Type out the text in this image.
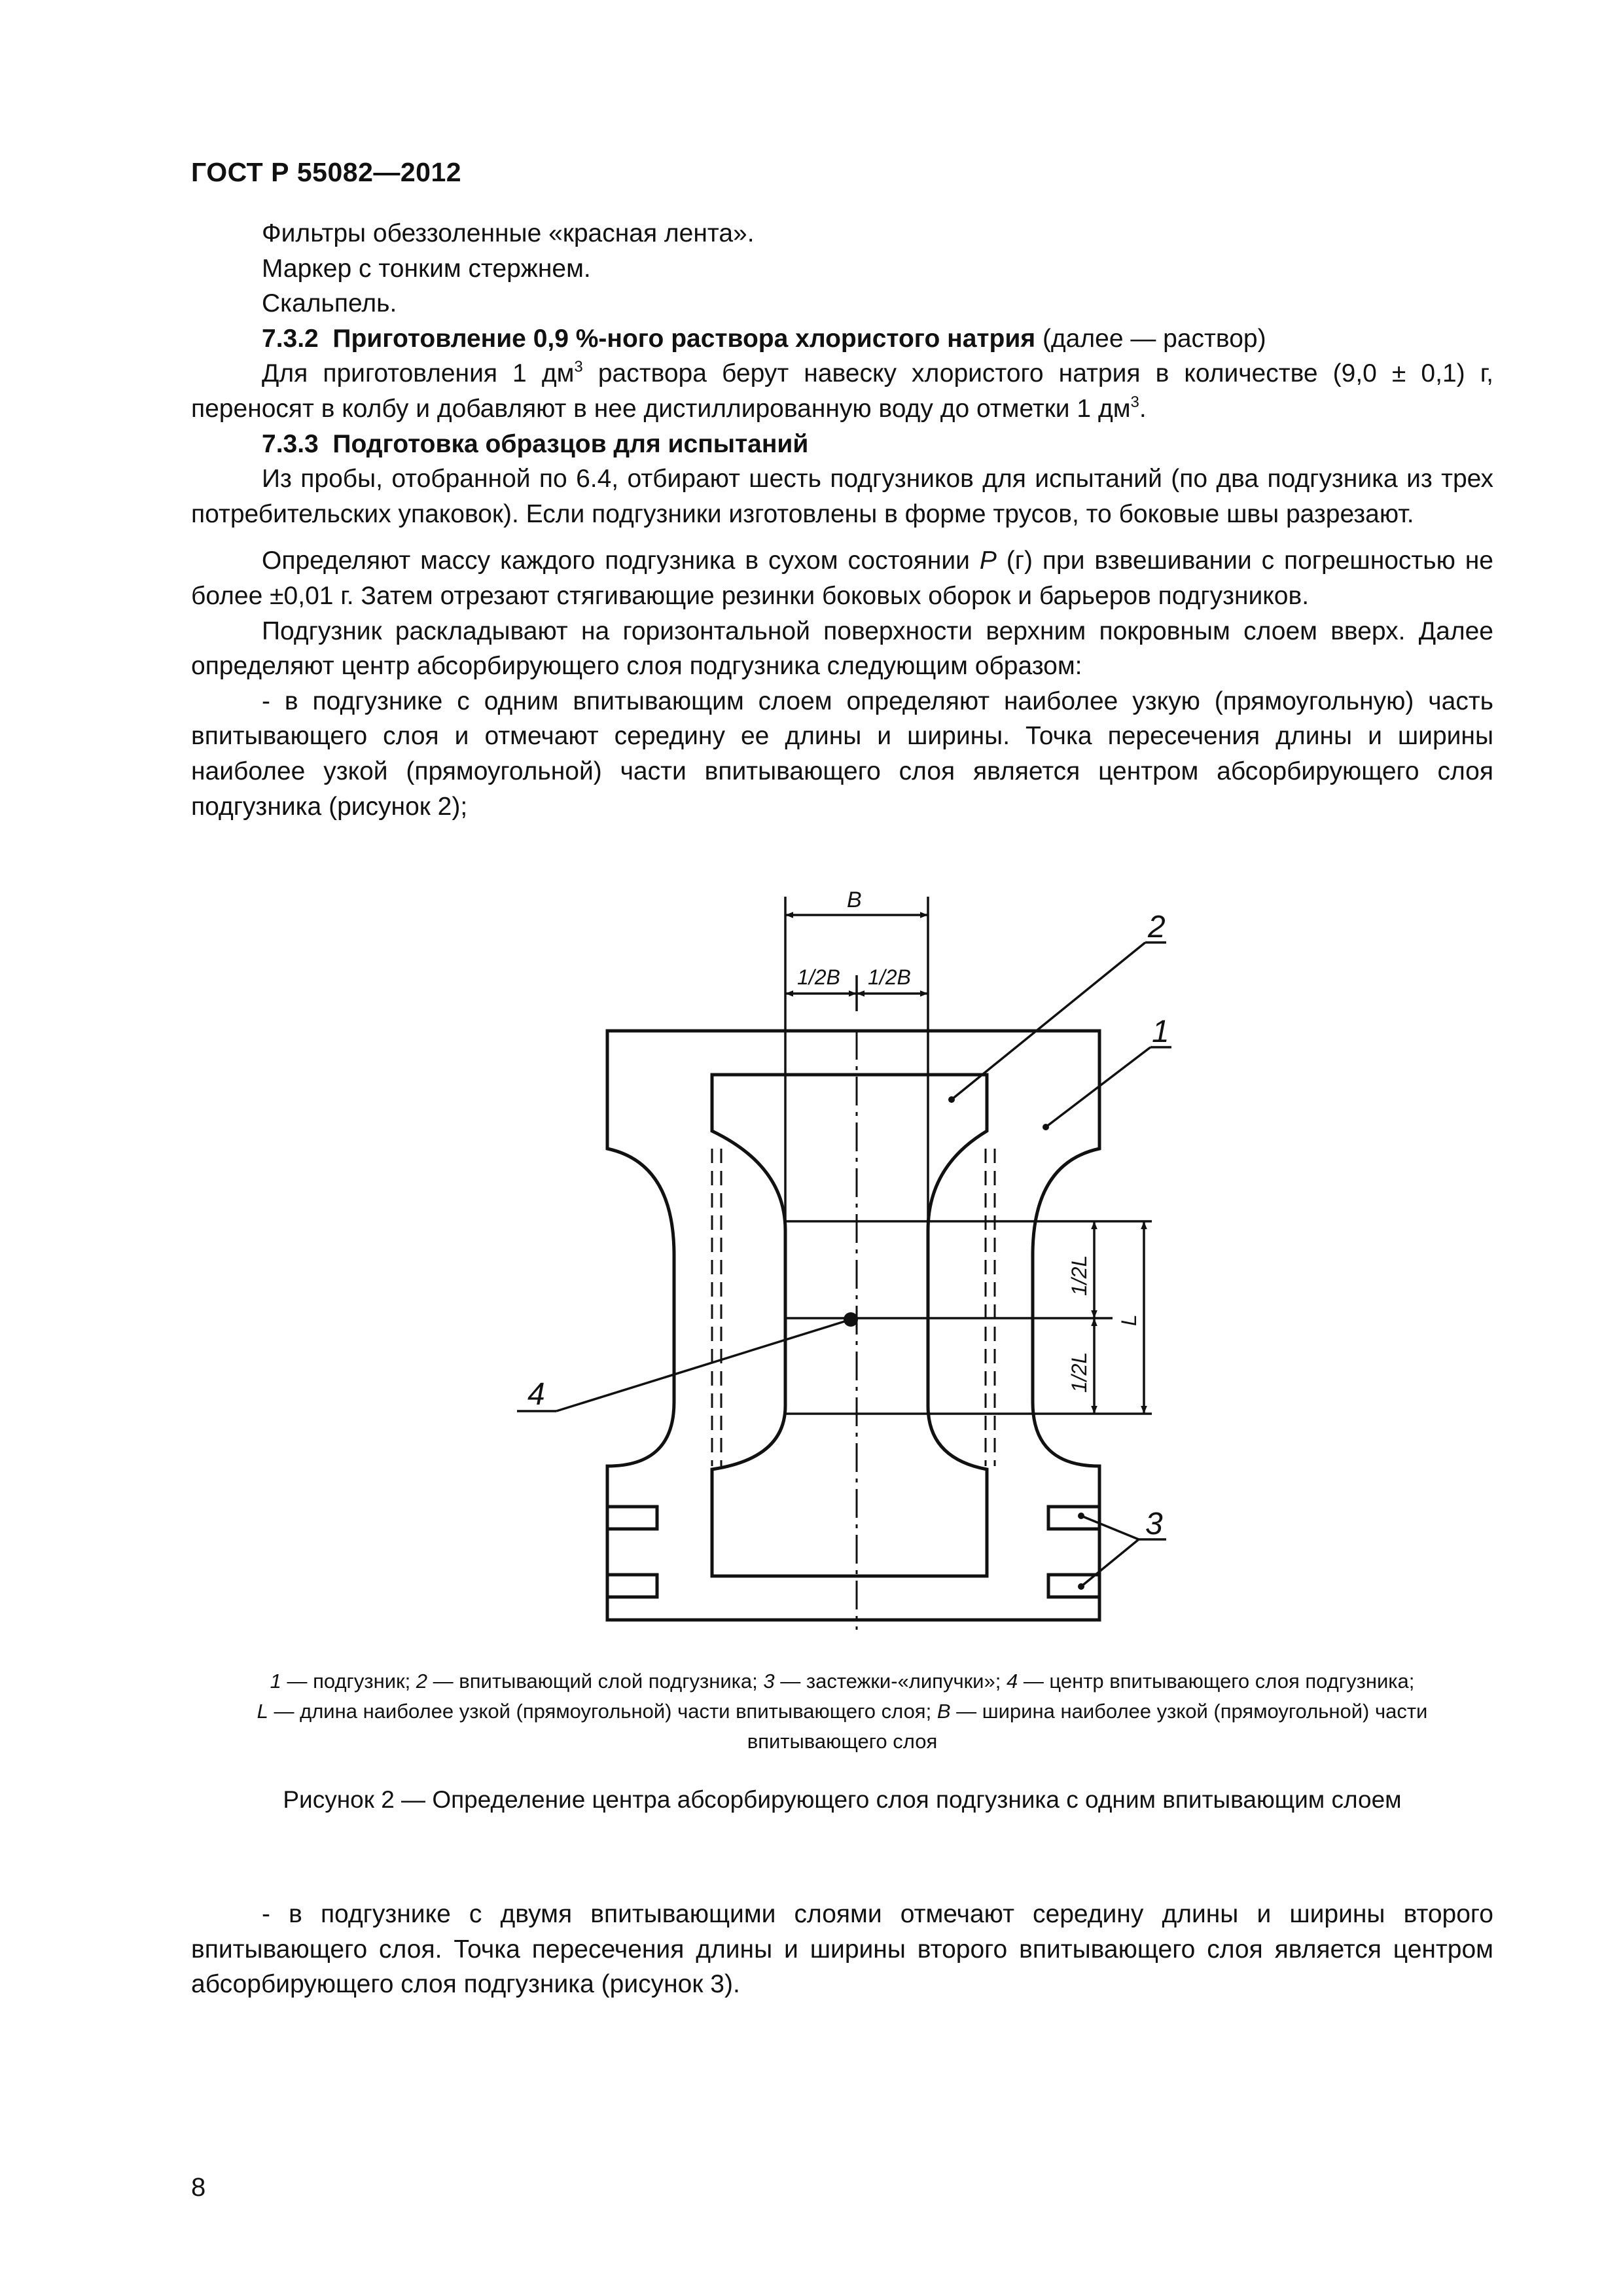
ГОСТ Р 55082—2012

Фильтры обеззоленные «красная лента».

Маркер с тонким стержнем.

Скальпель.

7.3.2 Приготовление 0,9 %-ного раствора хлористого натрия (далее — раствор)

Для приготовления 1 $дм^3$ раствора берут навеску хлористого натрия в количестве (9,0 ± 0,1) г, переносят в колбу и добавляют в нее дистиллированную воду до отметки 1 $дм^3$.

7.3.3 Подготовка образцов для испытаний

Из пробы, отобранной по 6.4, отбирают шесть подгузников для испытаний (по два подгузника из трех потребительских упаковок). Если подгузники изготовлены в форме трусов, то боковые швы разрезают.

Определяют массу каждого подгузника в сухом состоянии Р (г) при взвешивании с погрешностью не более ±0,01 г. Затем отрезают стягивающие резинки боковых оборок и барьеров подгузников.

Подгузник раскладывают на горизонтальной поверхности верхним покровным слоем вверх. Далее определяют центр абсорбирующего слоя подгузника следующим образом:

- в подгузнике с одним впитывающим слоем определяют наиболее узкую (прямоугольную) часть впитывающего слоя и отмечают середину ее длины и ширины. Точка пересечения длины и ширины наиболее узкой (прямоугольной) части впитывающего слоя является центром абсорбирующего слоя подгузника (рисунок 2);

B
1/2B 1/2B
1/2L
1/2L
L
2
1
4
3
1 — подгузник; 2 — впитывающий слой подгузника; 3 — застежки-«липучки»; 4 — центр впитывающего слоя подгузника;
L — длина наиболее узкой (прямоугольной) части впитывающего слоя; B — ширина наиболее узкой (прямоугольной) части
впитывающего слоя
Рисунок 2 — Определение центра абсорбирующего слоя подгузника с одним впитывающим слоем

- в подгузнике с двумя впитывающими слоями отмечают середину длины и ширины второго впитывающего слоя. Точка пересечения длины и ширины второго впитывающего слоя является центром абсорбирующего слоя подгузника (рисунок 3).

8
